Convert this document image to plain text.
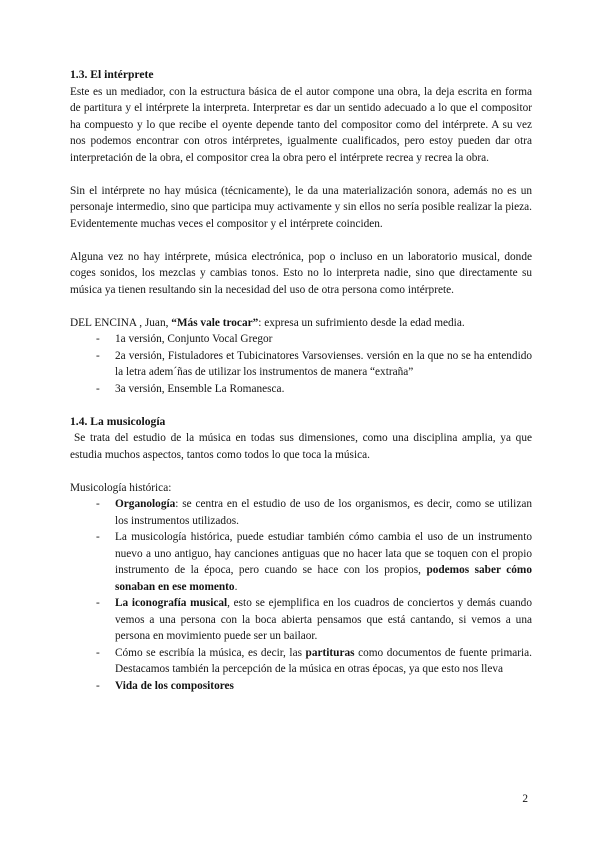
1.3. El intérprete

Este es un mediador, con la estructura básica de el autor compone una obra, la deja escrita en forma de partitura y el intérprete la interpreta. Interpretar es dar un sentido adecuado a lo que el compositor ha compuesto y lo que recibe el oyente depende tanto del compositor como del intérprete. A su vez nos podemos encontrar con otros intérpretes, igualmente cualificados, pero estoy pueden dar otra interpretación de la obra, el compositor crea la obra pero el intérprete recrea y recrea la obra.

Sin el intérprete no hay música (técnicamente), le da una materialización sonora, además no es un personaje intermedio, sino que participa muy activamente y sin ellos no sería posible realizar la pieza. Evidentemente muchas veces el compositor y el intérprete coinciden.

Alguna vez no hay intérprete, música electrónica, pop o incluso en un laboratorio musical, donde coges sonidos, los mezclas y cambias tonos. Esto no lo interpreta nadie, sino que directamente su música ya tienen resultando sin la necesidad del uso de otra persona como intérprete.

DEL ENCINA , Juan, “Más vale trocar”: expresa un sufrimiento desde la edad media.

- 1a versión, Conjunto Vocal Gregor
- 2a versión, Fistuladores et Tubicinatores Varsovienses. versión en la que no se ha entendido la letra adem´ñas de utilizar los instrumentos de manera “extraña”
- 3a versión, Ensemble La Romanesca.
1.4. La musicología

Se trata del estudio de la música en todas sus dimensiones, como una disciplina amplia, ya que estudia muchos aspectos, tantos como todos lo que toca la música.

Musicología histórica:

- Organología: se centra en el estudio de uso de los organismos, es decir, como se utilizan los instrumentos utilizados.
- La musicología histórica, puede estudiar también cómo cambia el uso de un instrumento nuevo a uno antiguo, hay canciones antiguas que no hacer lata que se toquen con el propio instrumento de la época, pero cuando se hace con los propios, podemos saber cómo sonaban en ese momento.
- La iconografía musical, esto se ejemplifica en los cuadros de conciertos y demás cuando vemos a una persona con la boca abierta pensamos que está cantando, si vemos a una persona en movimiento puede ser un bailaor.
- Cómo se escribía la música, es decir, las partituras como documentos de fuente primaria. Destacamos también la percepción de la música en otras épocas, ya que esto nos lleva
- Vida de los compositores
2
